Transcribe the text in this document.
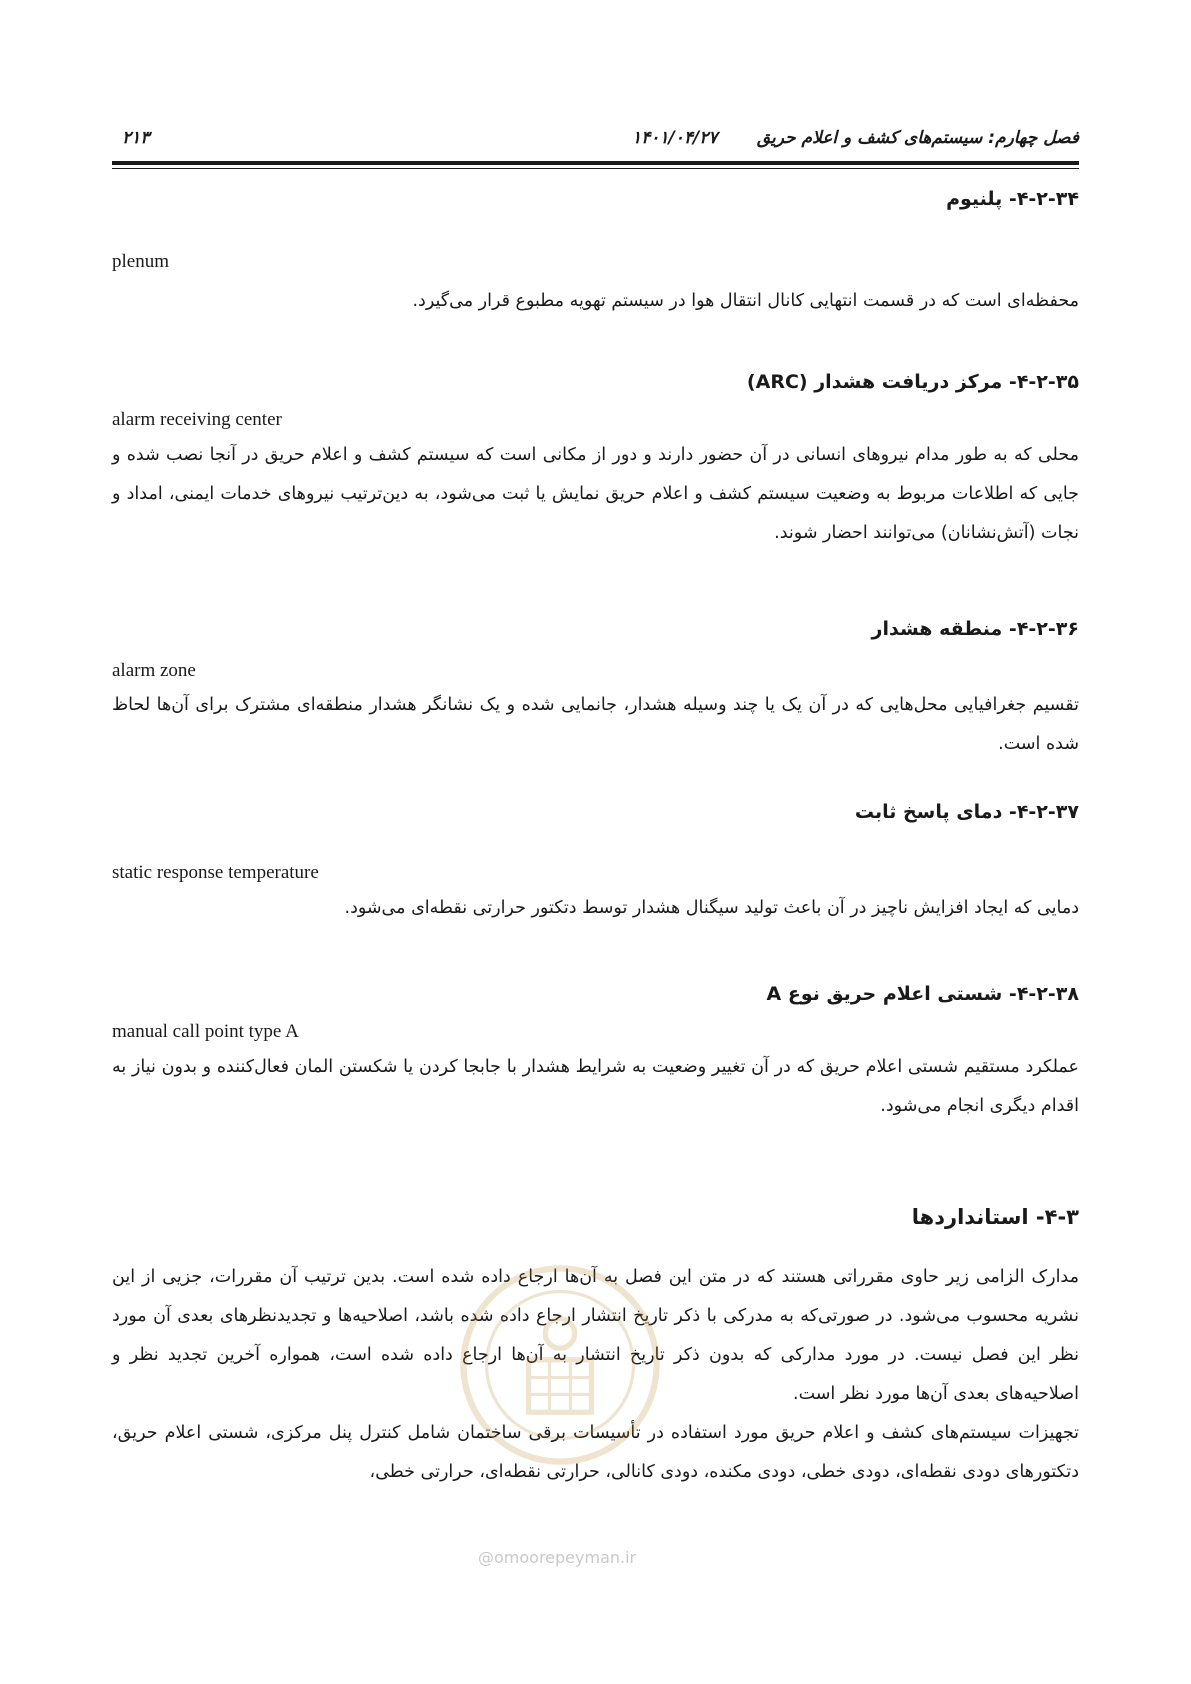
فصل چهارم: سیستم‌های کشف و اعلام حریق
۱۴۰۱/۰۴/۲۷
۲۱۳
۴-۲-۳۴- پلنیوم

plenum

محفظه‌ای است که در قسمت انتهایی کانال انتقال هوا در سیستم تهویه مطبوع قرار می‌گیرد.

۴-۲-۳۵- مرکز دریافت هشدار (ARC)

alarm receiving center

محلی که به طور مدام نیروهای انسانی در آن حضور دارند و دور از مکانی است که سیستم کشف و اعلام حریق در آنجا نصب شده و جایی که اطلاعات مربوط به وضعیت سیستم کشف و اعلام حریق نمایش یا ثبت می‌شود، به دین‌ترتیب نیروهای خدمات ایمنی، امداد و نجات (آتش‌نشانان) می‌توانند احضار شوند.

۴-۲-۳۶- منطقه هشدار

alarm zone

تقسیم جغرافیایی محل‌هایی که در آن یک یا چند وسیله هشدار، جانمایی شده و یک نشانگر هشدار منطقه‌ای مشترک برای آن‌ها لحاظ شده است.

۴-۲-۳۷- دمای پاسخ ثابت

static response temperature

دمایی که ایجاد افزایش ناچیز در آن باعث تولید سیگنال هشدار توسط دتکتور حرارتی نقطه‌ای می‌شود.

۴-۲-۳۸- شستی اعلام حریق نوع A

manual call point type A

عملکرد مستقیم شستی اعلام حریق که در آن تغییر وضعیت به شرایط هشدار با جابجا کردن یا شکستن المان فعال‌کننده و بدون نیاز به اقدام دیگری انجام می‌شود.

۴-۳- استانداردها

مدارک الزامی زیر حاوی مقرراتی هستند که در متن این فصل به آن‌ها ارجاع داده شده است. بدین ترتیب آن مقررات، جزیی از این نشریه محسوب می‌شود. در صورتی‌که به مدرکی با ذکر تاریخ انتشار ارجاع داده شده باشد، اصلاحیه‌ها و تجدیدنظرهای بعدی آن مورد نظر این فصل نیست. در مورد مدارکی که بدون ذکر تاریخ انتشار به آن‌ها ارجاع داده شده است، همواره آخرین تجدید نظر و اصلاحیه‌های بعدی آن‌ها مورد نظر است.

تجهیزات سیستم‌های کشف و اعلام حریق مورد استفاده در تأسیسات برقی ساختمان شامل کنترل پنل مرکزی، شستی اعلام حریق، دتکتورهای دودی نقطه‌ای، دودی خطی، دودی مکنده، دودی کانالی، حرارتی نقطه‌ای، حرارتی خطی،

@omoorepeyman.ir
